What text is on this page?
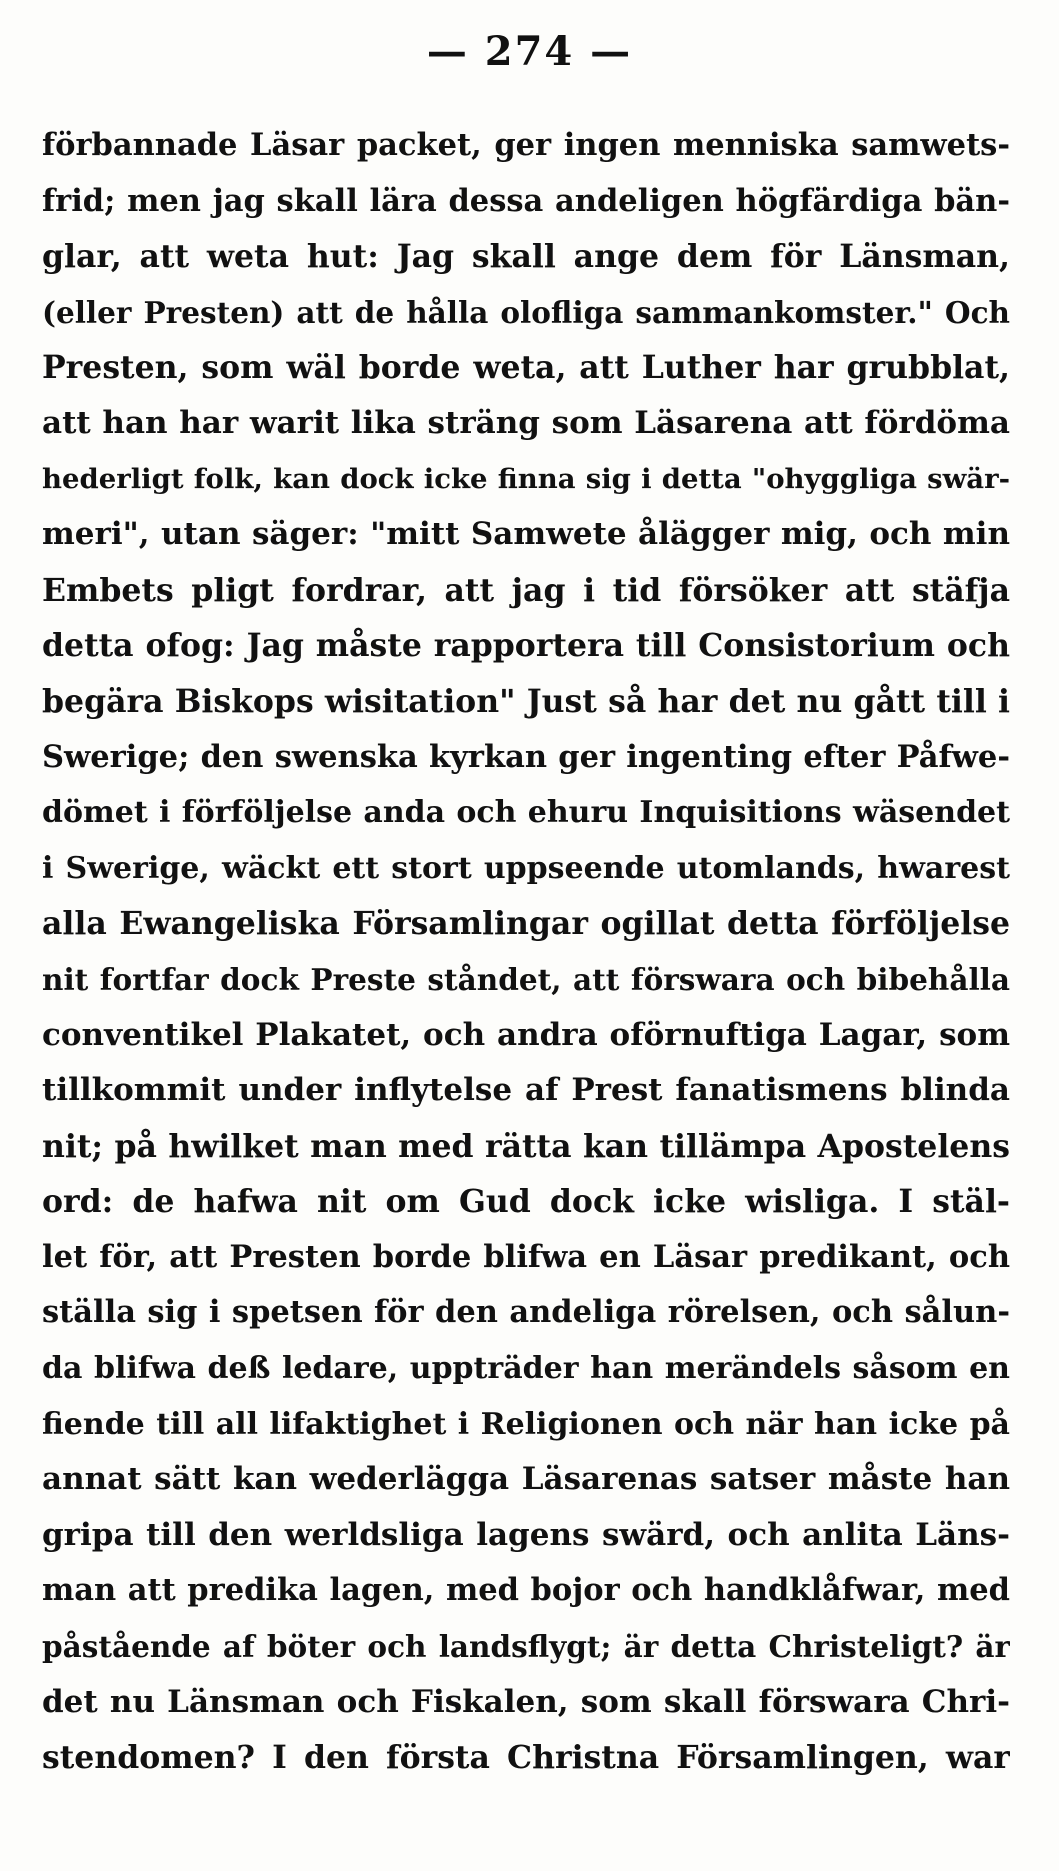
— 274 —
förbannade Läsar packet, ger ingen menniska samwets-
frid; men jag skall lära dessa andeligen högfärdiga bän-
glar, att weta hut: Jag skall ange dem för Länsman,
(eller Presten) att de hålla olofliga sammankomster." Och
Presten, som wäl borde weta, att Luther har grubblat,
att han har warit lika sträng som Läsarena att fördöma
hederligt folk, kan dock icke finna sig i detta "ohyggliga swär-
meri", utan säger: "mitt Samwete ålägger mig, och min
Embets pligt fordrar, att jag i tid försöker att stäfja
detta ofog: Jag måste rapportera till Consistorium och
begära Biskops wisitation" Just så har det nu gått till i
Swerige; den swenska kyrkan ger ingenting efter Påfwe-
dömet i förföljelse anda och ehuru Inquisitions wäsendet
i Swerige, wäckt ett stort uppseende utomlands, hwarest
alla Ewangeliska Församlingar ogillat detta förföljelse
nit fortfar dock Preste ståndet, att förswara och bibehålla
conventikel Plakatet, och andra oförnuftiga Lagar, som
tillkommit under inflytelse af Prest fanatismens blinda
nit; på hwilket man med rätta kan tillämpa Apostelens
ord: de hafwa nit om Gud dock icke wisliga. I stäl-
let för, att Presten borde blifwa en Läsar predikant, och
ställa sig i spetsen för den andeliga rörelsen, och sålun-
da blifwa deß ledare, uppträder han merändels såsom en
fiende till all lifaktighet i Religionen och när han icke på
annat sätt kan wederlägga Läsarenas satser måste han
gripa till den werldsliga lagens swärd, och anlita Läns-
man att predika lagen, med bojor och handklåfwar, med
påstående af böter och landsflygt; är detta Christeligt? är
det nu Länsman och Fiskalen, som skall förswara Chri-
stendomen? I den första Christna Församlingen, war
